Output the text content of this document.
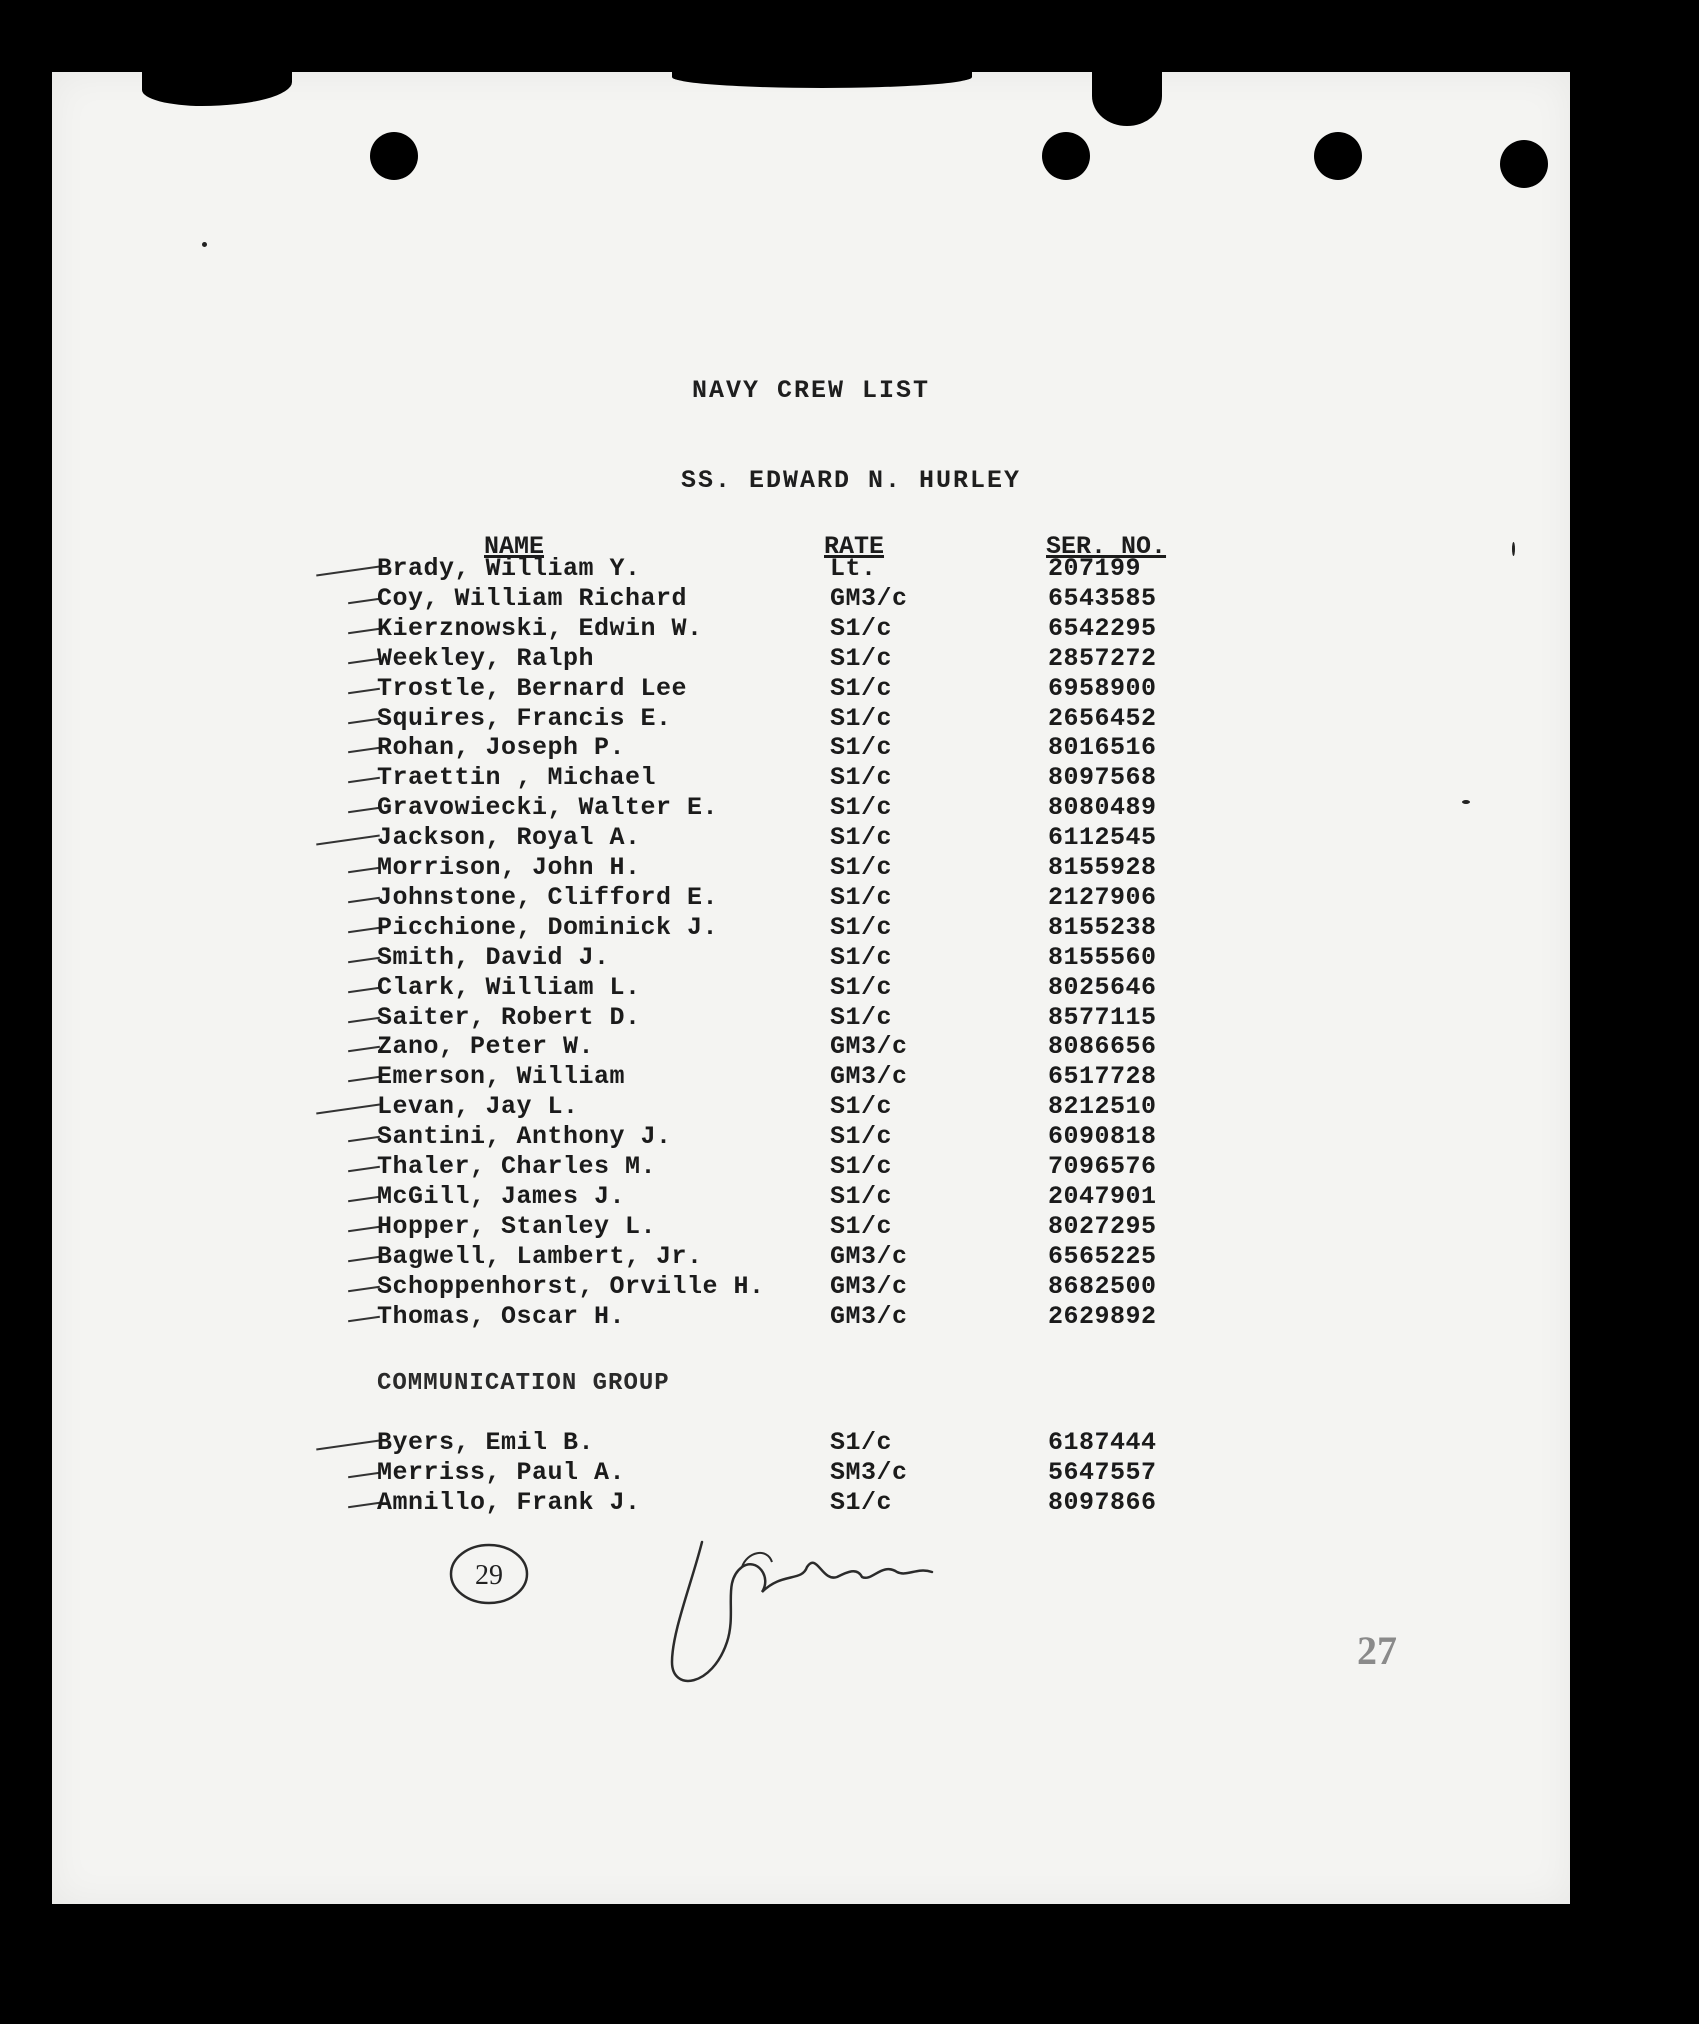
NAVY CREW LIST
SS. EDWARD N. HURLEY
NAME	RATE	SER. NO.
Brady, William Y.	Lt.	207199
Coy, William Richard	GM3/c	6543585
Kierznowski, Edwin W.	S1/c	6542295
Weekley, Ralph	S1/c	2857272
Trostle, Bernard Lee	S1/c	6958900
Squires, Francis E.	S1/c	2656452
Rohan, Joseph P.	S1/c	8016516
Traettin , Michael	S1/c	8097568
Gravowiecki, Walter E.	S1/c	8080489
Jackson, Royal A.	S1/c	6112545
Morrison, John H.	S1/c	8155928
Johnstone, Clifford E.	S1/c	2127906
Picchione, Dominick J.	S1/c	8155238
Smith, David J.	S1/c	8155560
Clark, William L.	S1/c	8025646
Saiter, Robert D.	S1/c	8577115
Zano, Peter W.	GM3/c	8086656
Emerson, William	GM3/c	6517728
Levan, Jay L.	S1/c	8212510
Santini, Anthony J.	S1/c	6090818
Thaler, Charles M.	S1/c	7096576
McGill, James J.	S1/c	2047901
Hopper, Stanley L.	S1/c	8027295
Bagwell, Lambert, Jr.	GM3/c	6565225
Schoppenhorst, Orville H.	GM3/c	8682500
Thomas, Oscar H.	GM3/c	2629892
COMMUNICATION GROUP
Byers, Emil B.	S1/c	6187444
Merriss, Paul A.	SM3/c	5647557
Amnillo, Frank J.	S1/c	8097866
29
27
